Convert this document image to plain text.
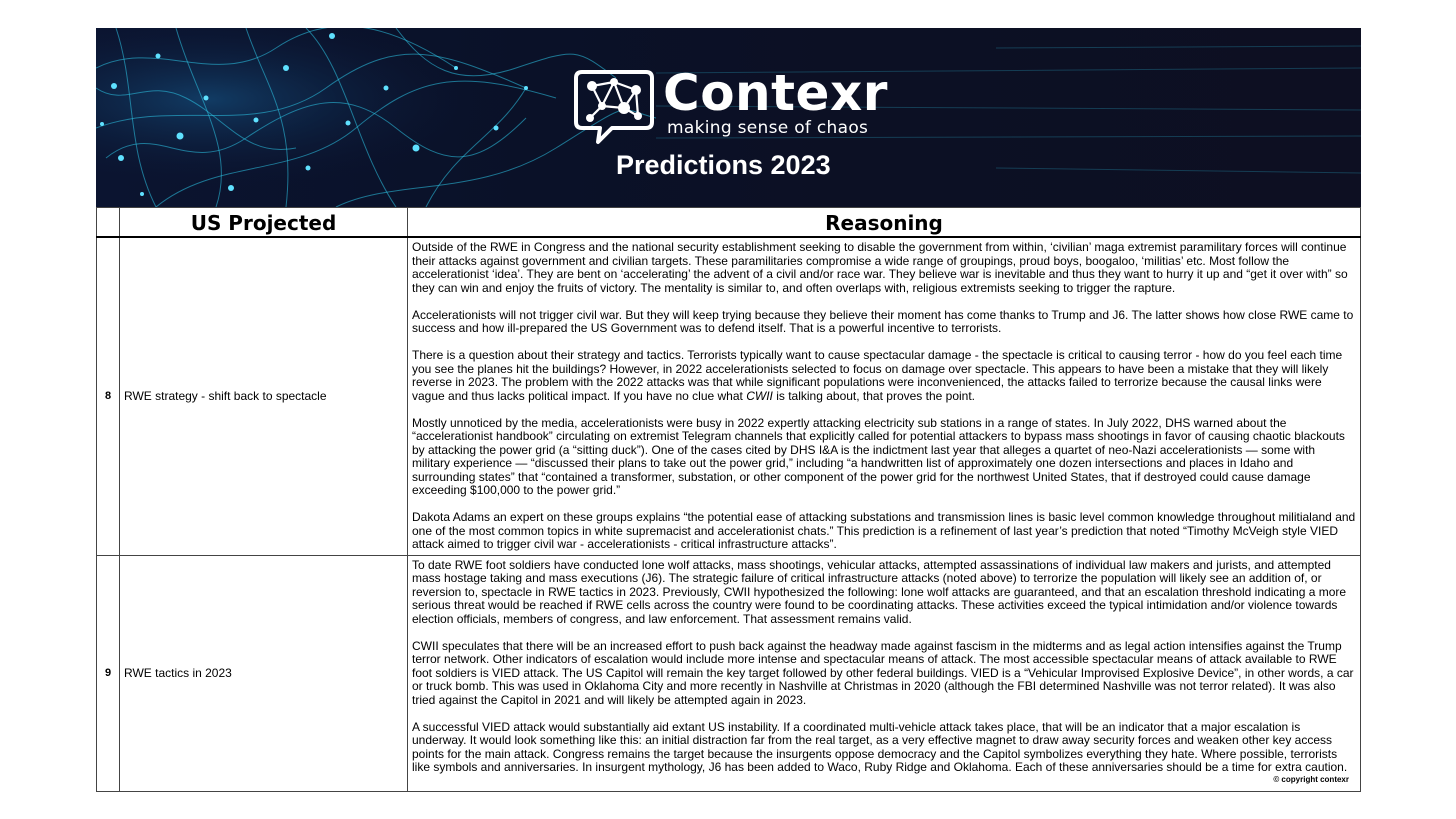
Contexr
making sense of chaos
Predictions 2023
	US Projected	Reasoning
8	RWE strategy - shift back to spectacle	Outside of the RWE in Congress and the national security establishment seeking to disable the government from within, ‘civilian’ maga extremist paramilitary forces will continue their attacks against government and civilian targets. These paramilitaries compromise a wide range of groupings, proud boys, boogaloo, ‘militias’ etc. Most follow the accelerationist ‘idea’. They are bent on ‘accelerating’ the advent of a civil and/or race war. They believe war is inevitable and thus they want to hurry it up and “get it over with” so they can win and enjoy the fruits of victory. The mentality is similar to, and often overlaps with, religious extremists seeking to trigger the rapture.

Accelerationists will not trigger civil war. But they will keep trying because they believe their moment has come thanks to Trump and J6. The latter shows how close RWE came to success and how ill-prepared the US Government was to defend itself. That is a powerful incentive to terrorists.

There is a question about their strategy and tactics. Terrorists typically want to cause spectacular damage - the spectacle is critical to causing terror - how do you feel each time you see the planes hit the buildings? However, in 2022 accelerationists selected to focus on damage over spectacle. This appears to have been a mistake that they will likely reverse in 2023. The problem with the 2022 attacks was that while significant populations were inconvenienced, the attacks failed to terrorize because the causal links were vague and thus lacks political impact. If you have no clue what CWII is talking about, that proves the point.

Mostly unnoticed by the media, accelerationists were busy in 2022 expertly attacking electricity sub stations in a range of states. In July 2022, DHS warned about the “accelerationist handbook” circulating on extremist Telegram channels that explicitly called for potential attackers to bypass mass shootings in favor of causing chaotic blackouts by attacking the power grid (a “sitting duck”). One of the cases cited by DHS I&A is the indictment last year that alleges a quartet of neo-Nazi accelerationists — some with military experience — “discussed their plans to take out the power grid,” including “a handwritten list of approximately one dozen intersections and places in Idaho and surrounding states” that “contained a transformer, substation, or other component of the power grid for the northwest United States, that if destroyed could cause damage exceeding $100,000 to the power grid.”

Dakota Adams an expert on these groups explains “the potential ease of attacking substations and transmission lines is basic level common knowledge throughout militialand and one of the most common topics in white supremacist and accelerationist chats.” This prediction is a refinement of last year’s prediction that noted “Timothy McVeigh style VIED attack aimed to trigger civil war - accelerationists - critical infrastructure attacks”.

9	RWE tactics in 2023	To date RWE foot soldiers have conducted lone wolf attacks, mass shootings, vehicular attacks, attempted assassinations of individual law makers and jurists, and attempted mass hostage taking and mass executions (J6). The strategic failure of critical infrastructure attacks (noted above) to terrorize the population will likely see an addition of, or reversion to, spectacle in RWE tactics in 2023. Previously, CWII hypothesized the following: lone wolf attacks are guaranteed, and that an escalation threshold indicating a more serious threat would be reached if RWE cells across the country were found to be coordinating attacks. These activities exceed the typical intimidation and/or violence towards election officials, members of congress, and law enforcement. That assessment remains valid.

CWII speculates that there will be an increased effort to push back against the headway made against fascism in the midterms and as legal action intensifies against the Trump terror network. Other indicators of escalation would include more intense and spectacular means of attack. The most accessible spectacular means of attack available to RWE foot soldiers is VIED attack. The US Capitol will remain the key target followed by other federal buildings. VIED is a “Vehicular Improvised Explosive Device”, in other words, a car or truck bomb. This was used in Oklahoma City and more recently in Nashville at Christmas in 2020 (although the FBI determined Nashville was not terror related). It was also tried against the Capitol in 2021 and will likely be attempted again in 2023.

A successful VIED attack would substantially aid extant US instability. If a coordinated multi-vehicle attack takes place, that will be an indicator that a major escalation is underway. It would look something like this: an initial distraction far from the real target, as a very effective magnet to draw away security forces and weaken other key access points for the main attack. Congress remains the target because the insurgents oppose democracy and the Capitol symbolizes everything they hate. Where possible, terrorists like symbols and anniversaries. In insurgent mythology, J6 has been added to Waco, Ruby Ridge and Oklahoma. Each of these anniversaries should be a time for extra caution.

© copyright contexr
